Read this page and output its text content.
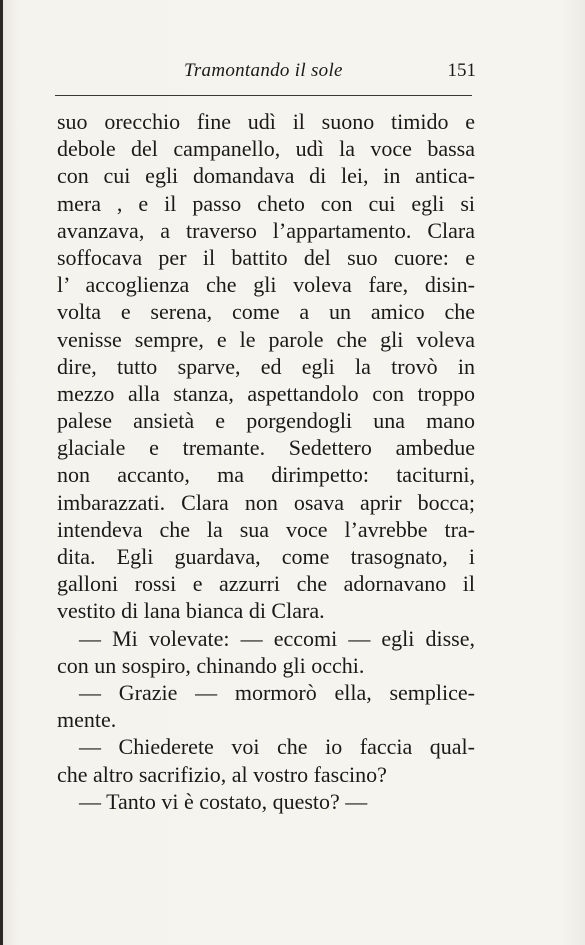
Tramontando il sole	151
suo orecchio fine udì il suono timido e
debole del campanello, udì la voce bassa
con cui egli domandava di lei, in antica-
mera , e il passo cheto con cui egli si
avanzava, a traverso l’appartamento. Clara
soffocava per il battito del suo cuore: e
l’ accoglienza che gli voleva fare, disin-
volta e serena, come a un amico che
venisse sempre, e le parole che gli voleva
dire, tutto sparve, ed egli la trovò in
mezzo alla stanza, aspettandolo con troppo
palese ansietà e porgendogli una mano
glaciale e tremante. Sedettero ambedue
non accanto, ma dirimpetto: taciturni,
imbarazzati. Clara non osava aprir bocca;
intendeva che la sua voce l’avrebbe tra-
dita. Egli guardava, come trasognato, i
galloni rossi e azzurri che adornavano il
vestito di lana bianca di Clara.
— Mi volevate: — eccomi — egli disse,
con un sospiro, chinando gli occhi.
— Grazie — mormorò ella, semplice-
mente.
— Chiederete voi che io faccia qual-
che altro sacrifizio, al vostro fascino?
— Tanto vi è costato, questo? —
